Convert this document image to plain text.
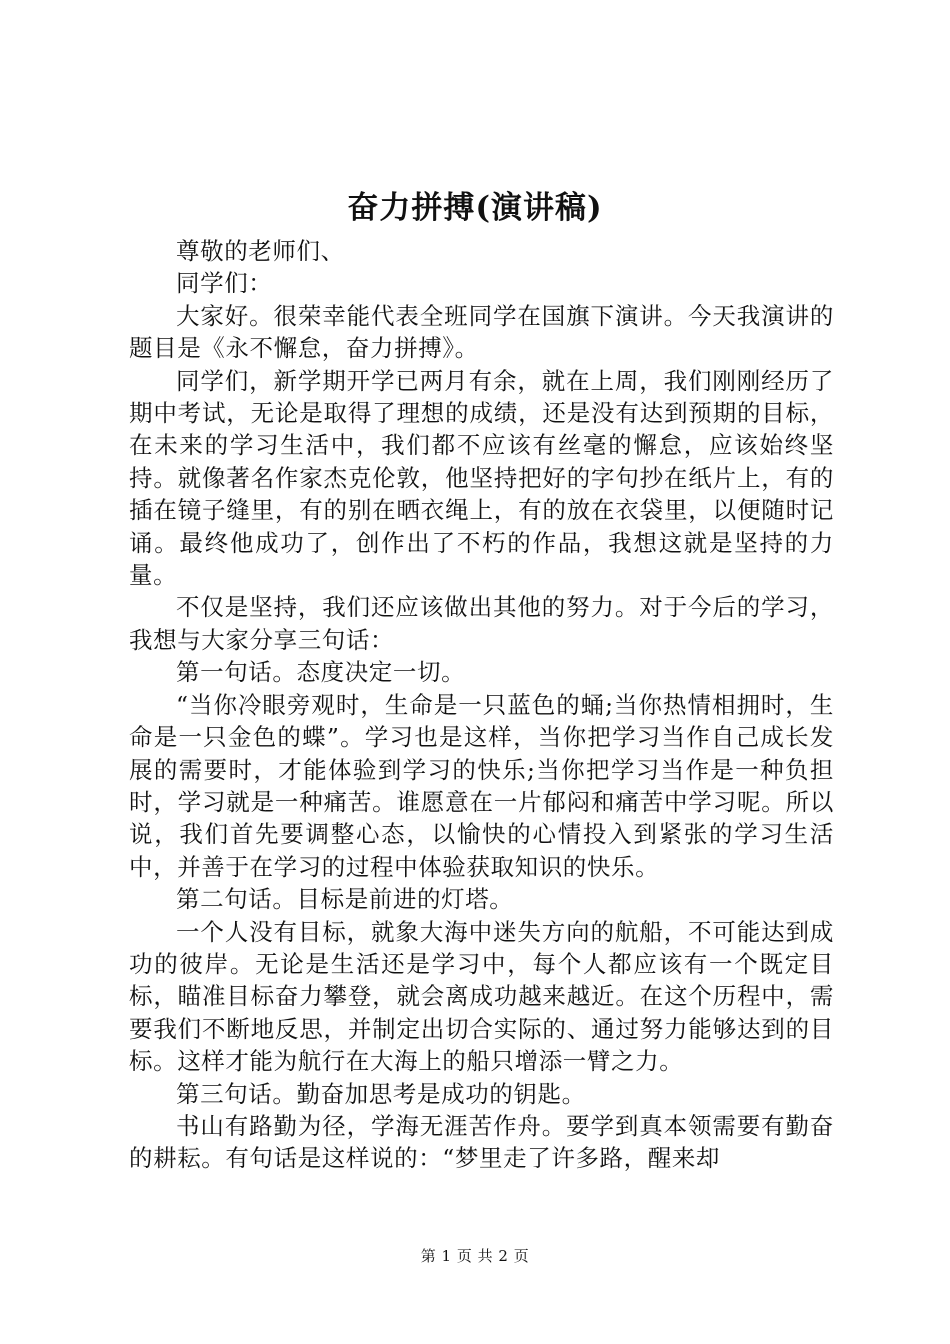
奋力拼搏(演讲稿)

尊敬的老师们、

同学们：

大家好。很荣幸能代表全班同学在国旗下演讲。今天我演讲的题目是《永不懈怠，奋力拼搏》。

同学们，新学期开学已两月有余，就在上周，我们刚刚经历了期中考试，无论是取得了理想的成绩，还是没有达到预期的目标，在未来的学习生活中，我们都不应该有丝毫的懈怠，应该始终坚持。就像著名作家杰克伦敦，他坚持把好的字句抄在纸片上，有的插在镜子缝里，有的别在晒衣绳上，有的放在衣袋里，以便随时记诵。最终他成功了，创作出了不朽的作品，我想这就是坚持的力量。

不仅是坚持，我们还应该做出其他的努力。对于今后的学习，我想与大家分享三句话：

第一句话。态度决定一切。

“当你冷眼旁观时，生命是一只蓝色的蛹;当你热情相拥时，生命是一只金色的蝶”。学习也是这样，当你把学习当作自己成长发展的需要时，才能体验到学习的快乐;当你把学习当作是一种负担时，学习就是一种痛苦。谁愿意在一片郁闷和痛苦中学习呢。所以说，我们首先要调整心态，以愉快的心情投入到紧张的学习生活中，并善于在学习的过程中体验获取知识的快乐。

第二句话。目标是前进的灯塔。

一个人没有目标，就象大海中迷失方向的航船，不可能达到成功的彼岸。无论是生活还是学习中，每个人都应该有一个既定目标，瞄准目标奋力攀登，就会离成功越来越近。在这个历程中，需要我们不断地反思，并制定出切合实际的、通过努力能够达到的目标。这样才能为航行在大海上的船只增添一臂之力。

第三句话。勤奋加思考是成功的钥匙。

书山有路勤为径，学海无涯苦作舟。要学到真本领需要有勤奋的耕耘。有句话是这样说的：“梦里走了许多路，醒来却

第 1 页 共 2 页
